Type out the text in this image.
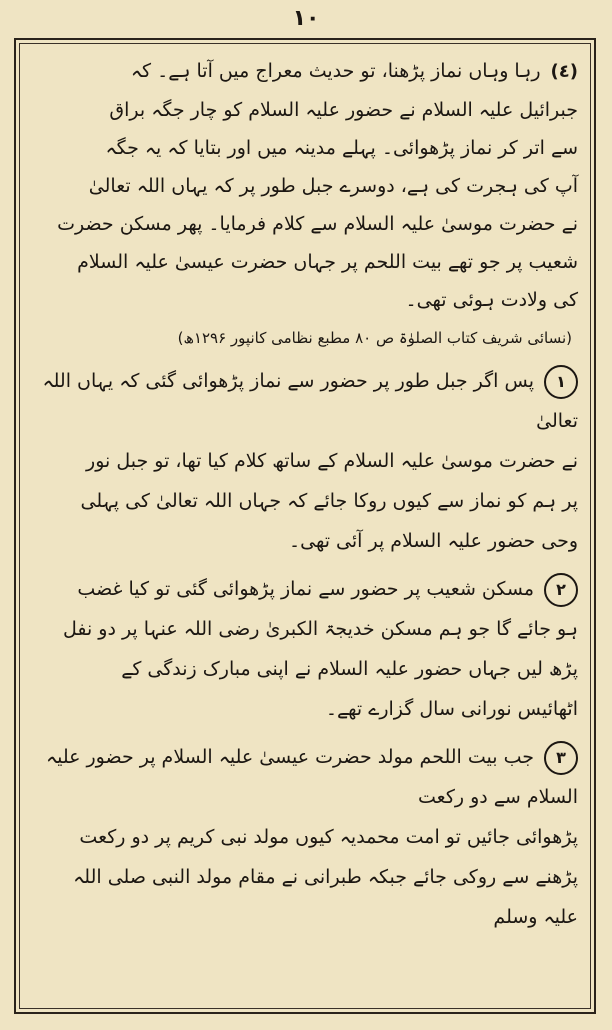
۱۰
(٤)رہا وہاں نماز پڑھنا، تو حدیث معراج میں آتا ہے۔ کہ
جبرائیل علیہ السلام نے حضور علیہ السلام کو چار جگہ براق
سے اتر کر نماز پڑھوائی۔ پہلے مدینہ میں اور بتایا کہ یہ جگہ
آپ کی ہجرت کی ہے، دوسرے جبل طور پر کہ یہاں اللہ تعالیٰ
نے حضرت موسیٰ علیہ السلام سے کلام فرمایا۔ پھر مسکن حضرت
شعیب پر جو تھے بیت اللحم پر جہاں حضرت عیسیٰ علیہ السلام
کی ولادت ہوئی تھی۔
(نسائی شریف کتاب الصلوٰۃ ص ۸۰ مطبع نظامی کانپور ۱۲۹۶ھ)
۱پس اگر جبل طور پر حضور سے نماز پڑھوائی گئی کہ یہاں اللہ تعالیٰ
نے حضرت موسیٰ علیہ السلام کے ساتھ کلام کیا تھا، تو جبل نور
پر ہم کو نماز سے کیوں روکا جائے کہ جہاں اللہ تعالیٰ کی پہلی
وحی حضور علیہ السلام پر آئی تھی۔
۲مسکن شعیب پر حضور سے نماز پڑھوائی گئی تو کیا غضب
ہو جائے گا جو ہم مسکن خدیجۃ الکبریٰ رضی اللہ عنہا پر دو نفل
پڑھ لیں جہاں حضور علیہ السلام نے اپنی مبارک زندگی کے
اٹھائیس نورانی سال گزارے تھے۔
۳جب بیت اللحم مولد حضرت عیسیٰ علیہ السلام پر حضور علیہ السلام سے دو رکعت
پڑھوائی جائیں تو امت محمدیہ کیوں مولد نبی کریم پر دو رکعت
پڑھنے سے روکی جائے جبکہ طبرانی نے مقام مولد النبی صلی اللہ علیہ وسلم
